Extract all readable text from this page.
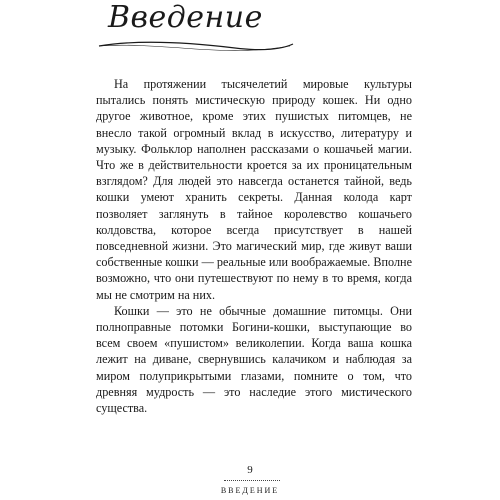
Введение

На протяжении тысячелетий мировые культуры пытались понять мистическую природу кошек. Ни одно другое животное, кроме этих пушистых питомцев, не внесло такой огромный вклад в искусство, литературу и музыку. Фольклор наполнен рассказами о кошачьей магии. Что же в действительности кроется за их проницательным взглядом? Для людей это навсегда останется тайной, ведь кошки умеют хранить секреты. Данная колода карт позволяет заглянуть в тайное королевство кошачьего колдовства, которое всегда присутствует в нашей повседневной жизни. Это магический мир, где живут ваши собственные кошки — реальные или воображаемые. Вполне возможно, что они путешествуют по нему в то время, когда мы не смотрим на них.

Кошки — это не обычные домашние питомцы. Они полноправные потомки Богини-кошки, выступающие во всем своем «пушистом» великолепии. Когда ваша кошка лежит на диване, свернувшись калачиком и наблюдая за миром полуприкрытыми глазами, помните о том, что древняя мудрость — это наследие этого мистического существа.

9
ВВЕДЕНИЕ
